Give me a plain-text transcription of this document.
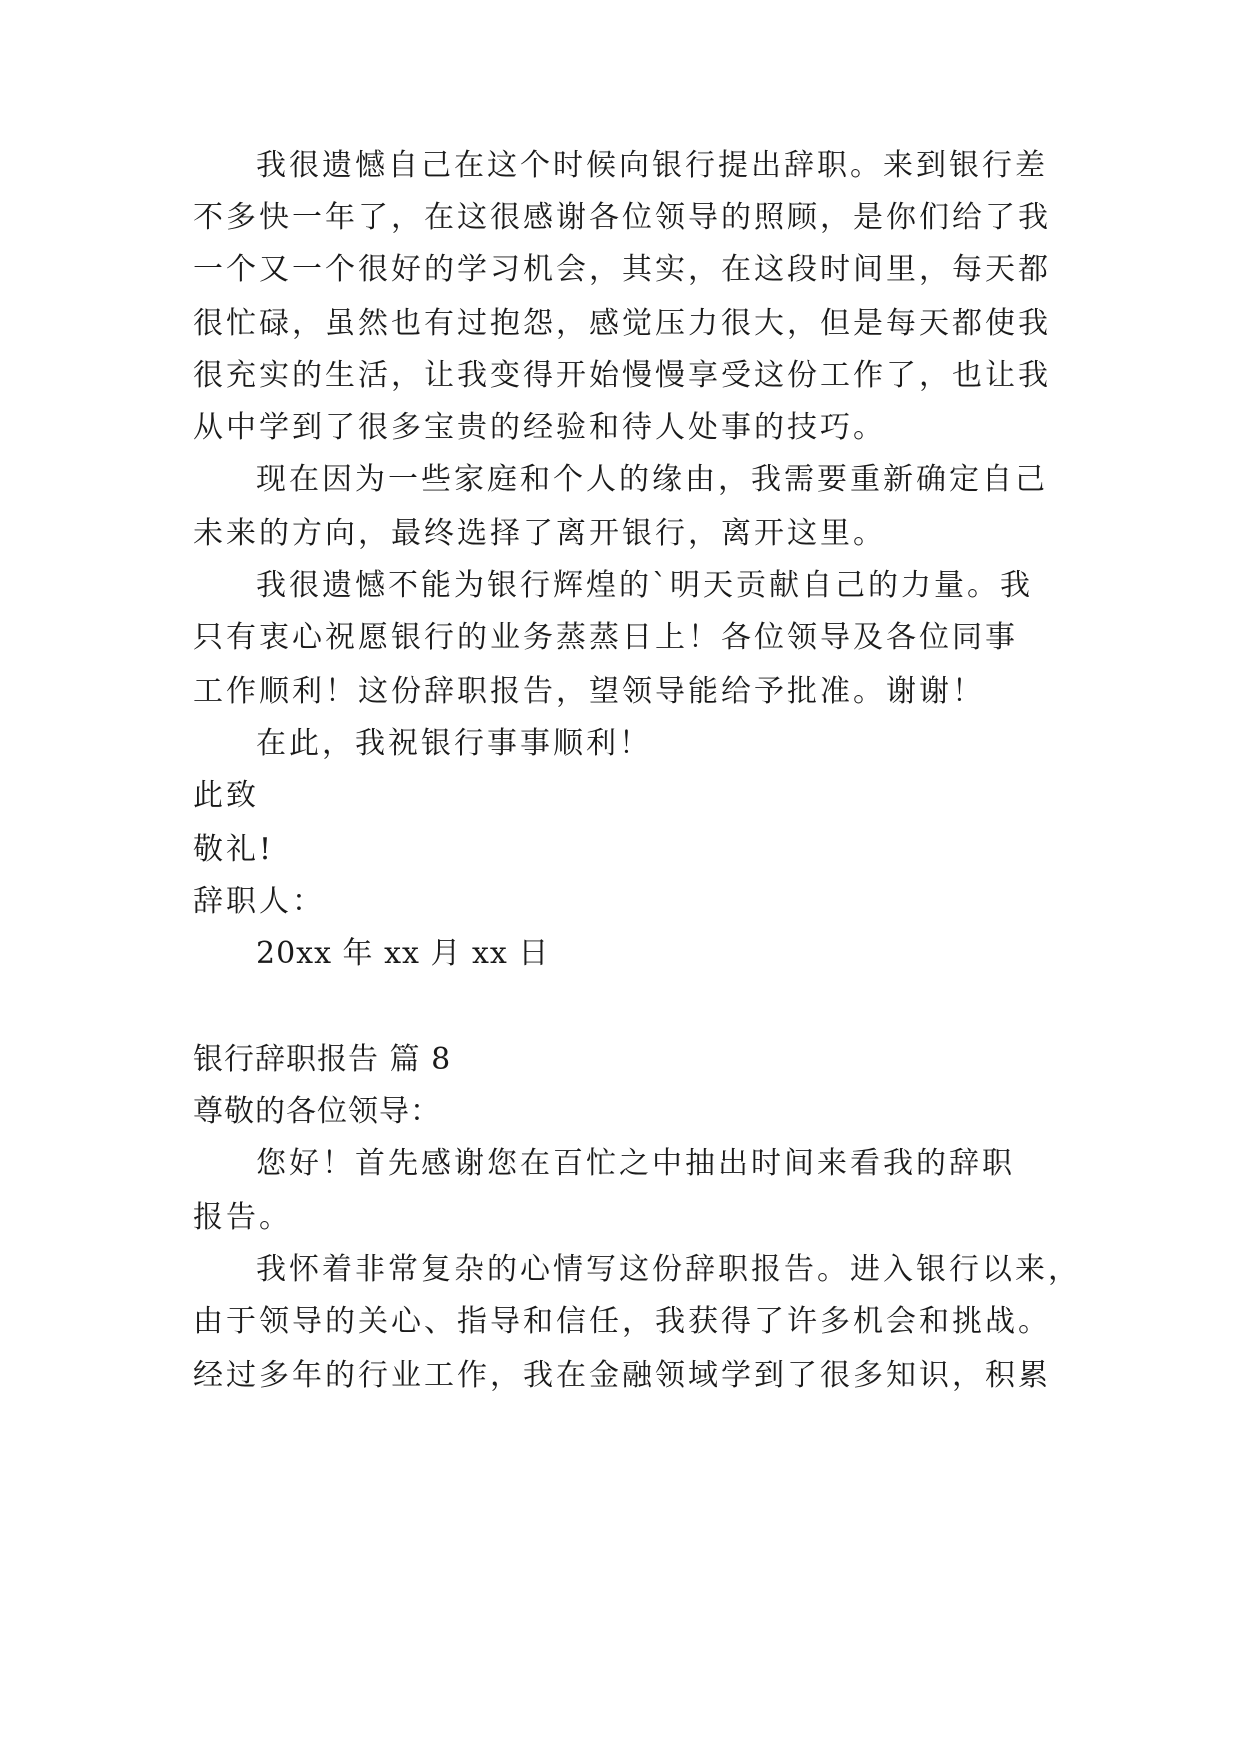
我很遗憾自己在这个时候向银行提出辞职。来到银行差
不多快一年了，在这很感谢各位领导的照顾，是你们给了我
一个又一个很好的学习机会，其实，在这段时间里，每天都
很忙碌，虽然也有过抱怨，感觉压力很大，但是每天都使我
很充实的生活，让我变得开始慢慢享受这份工作了，也让我
从中学到了很多宝贵的经验和待人处事的技巧。
现在因为一些家庭和个人的缘由，我需要重新确定自己
未来的方向，最终选择了离开银行，离开这里。
我很遗憾不能为银行辉煌的`明天贡献自己的力量。我
只有衷心祝愿银行的业务蒸蒸日上！各位领导及各位同事
工作顺利！这份辞职报告，望领导能给予批准。谢谢！
在此，我祝银行事事顺利！
此致
敬礼!
辞职人：
20xx 年 xx 月 xx 日
银行辞职报告 篇 8
尊敬的各位领导：
您好！首先感谢您在百忙之中抽出时间来看我的辞职
报告。
我怀着非常复杂的心情写这份辞职报告。进入银行以来，
由于领导的关心、指导和信任，我获得了许多机会和挑战。
经过多年的行业工作，我在金融领域学到了很多知识，积累
